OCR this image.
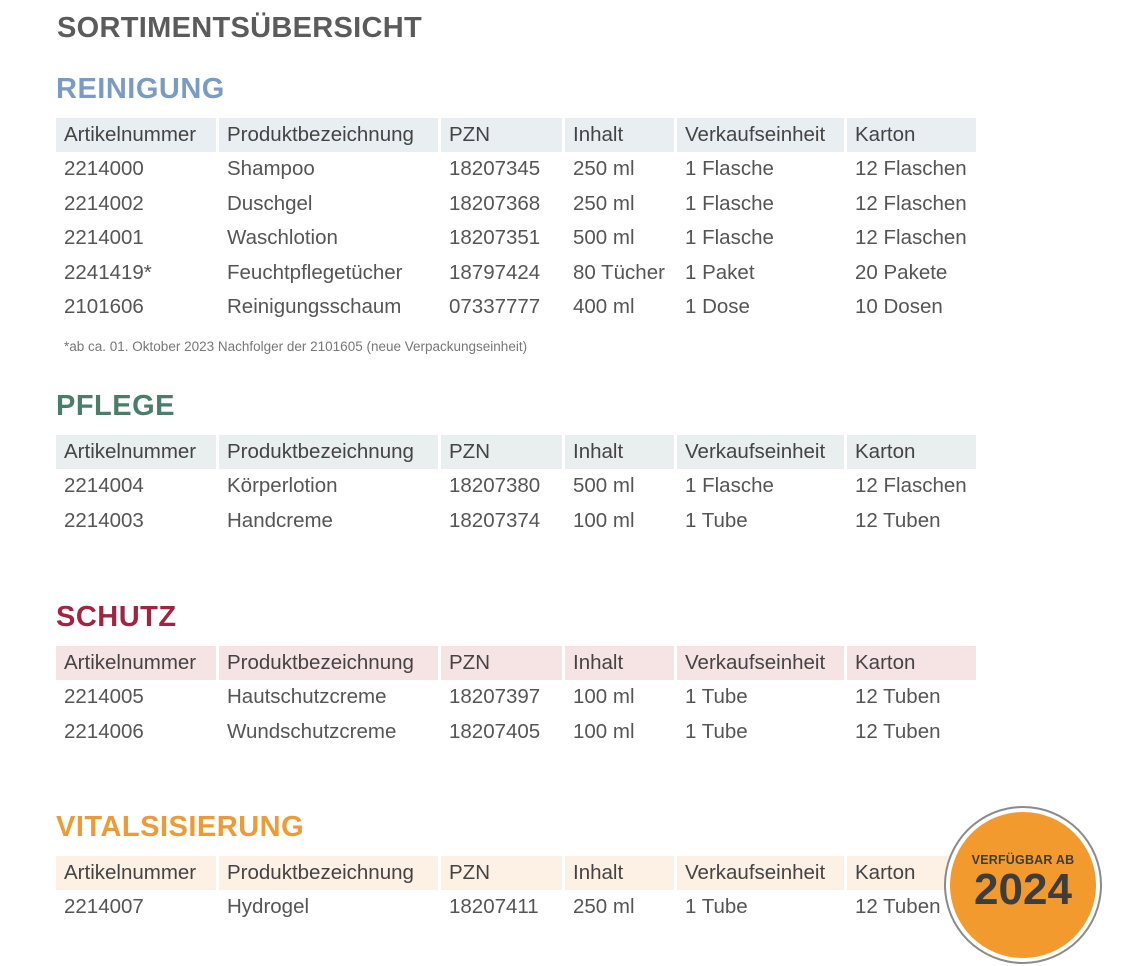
SORTIMENTSÜBERSICHT
REINIGUNG
Artikelnummer	Produktbezeichnung	PZN	Inhalt	Verkaufseinheit	Karton
2214000	Shampoo	18207345	250 ml	1 Flasche	12 Flaschen
2214002	Duschgel	18207368	250 ml	1 Flasche	12 Flaschen
2214001	Waschlotion	18207351	500 ml	1 Flasche	12 Flaschen
2241419*	Feuchtpflegetücher	18797424	80 Tücher	1 Paket	20 Pakete
2101606	Reinigungsschaum	07337777	400 ml	1 Dose	10 Dosen
*ab ca. 01. Oktober 2023 Nachfolger der 2101605 (neue Verpackungseinheit)
PFLEGE
Artikelnummer	Produktbezeichnung	PZN	Inhalt	Verkaufseinheit	Karton
2214004	Körperlotion	18207380	500 ml	1 Flasche	12 Flaschen
2214003	Handcreme	18207374	100 ml	1 Tube	12 Tuben
SCHUTZ
Artikelnummer	Produktbezeichnung	PZN	Inhalt	Verkaufseinheit	Karton
2214005	Hautschutzcreme	18207397	100 ml	1 Tube	12 Tuben
2214006	Wundschutzcreme	18207405	100 ml	1 Tube	12 Tuben
VITALSISIERUNG
Artikelnummer	Produktbezeichnung	PZN	Inhalt	Verkaufseinheit	Karton
2214007	Hydrogel	18207411	250 ml	1 Tube	12 Tuben
VERFÜGBAR AB
2024
